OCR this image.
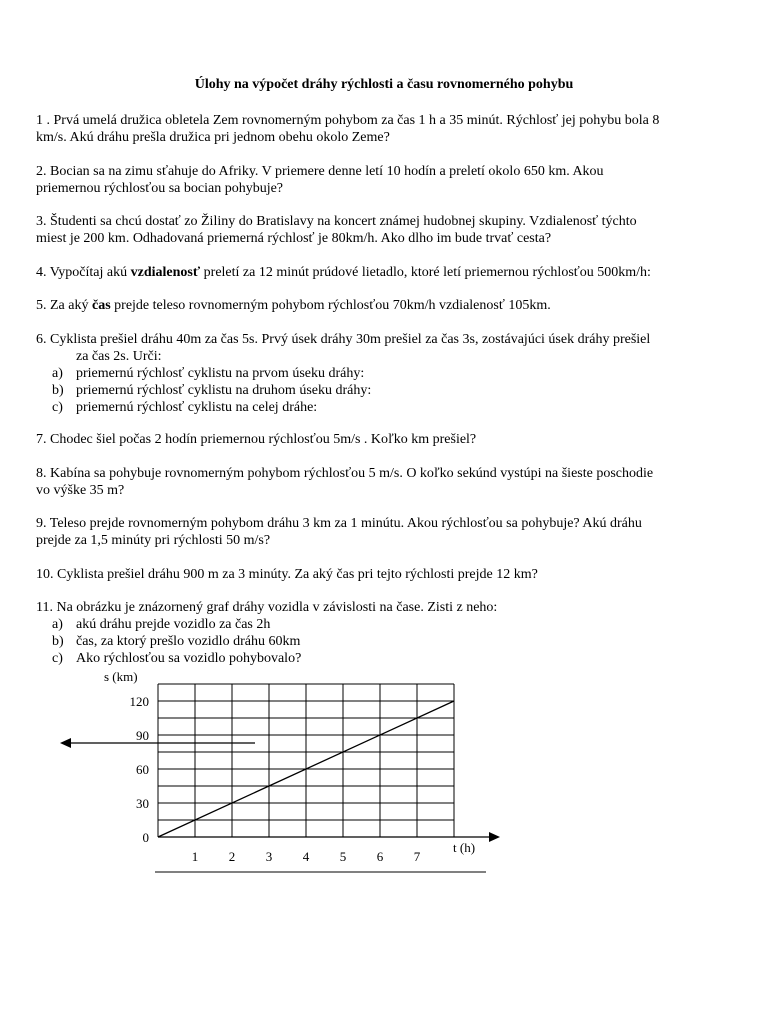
Úlohy na výpočet dráhy rýchlosti a času rovnomerného pohybu
1 . Prvá umelá družica obletela Zem rovnomerným pohybom za čas 1 h a 35 minút. Rýchlosť jej pohybu bola 8
km/s. Akú dráhu prešla družica pri jednom obehu okolo Zeme?
2. Bocian sa na zimu sťahuje do Afriky. V priemere denne letí 10 hodín a preletí okolo 650 km. Akou
priemernou rýchlosťou sa bocian pohybuje?
3. Študenti sa chcú dostať zo Žiliny do Bratislavy na koncert známej hudobnej skupiny. Vzdialenosť týchto
miest je 200 km. Odhadovaná priemerná rýchlosť je 80km/h. Ako dlho im bude trvať cesta?
4. Vypočítaj akú vzdialenosť preletí za 12 minút prúdové lietadlo, ktoré letí priemernou rýchlosťou 500km/h:
5. Za aký čas prejde teleso rovnomerným pohybom rýchlosťou 70km/h vzdialenosť 105km.
6. Cyklista prešiel dráhu 40m za čas 5s. Prvý úsek dráhy 30m prešiel za čas 3s, zostávajúci úsek dráhy prešiel
za čas 2s. Urči:
a) priemernú rýchlosť cyklistu na prvom úseku dráhy:
b) priemernú rýchlosť cyklistu na druhom úseku dráhy:
c) priemernú rýchlosť cyklistu na celej dráhe:
7. Chodec šiel počas 2 hodín priemernou rýchlosťou 5m/s . Koľko km prešiel?
8. Kabína sa pohybuje rovnomerným pohybom rýchlosťou 5 m/s. O koľko sekúnd vystúpi na šieste poschodie
vo výške 35 m?
9. Teleso prejde rovnomerným pohybom dráhu 3 km za 1 minútu. Akou rýchlosťou sa pohybuje? Akú dráhu
prejde za 1,5 minúty pri rýchlosti 50 m/s?
10. Cyklista prešiel dráhu 900 m za 3 minúty. Za aký čas pri tejto rýchlosti prejde 12 km?
11. Na obrázku je znázornený graf dráhy vozidla v závislosti na čase. Zisti z neho:
a) akú dráhu prejde vozidlo za čas 2h
b) čas, za ktorý prešlo vozidlo dráhu 60km
c) Ako rýchlosťou sa vozidlo pohybovalo?
1 2 3 4 5 6 7
0
30
60
90
120
s (km)
t (h)
